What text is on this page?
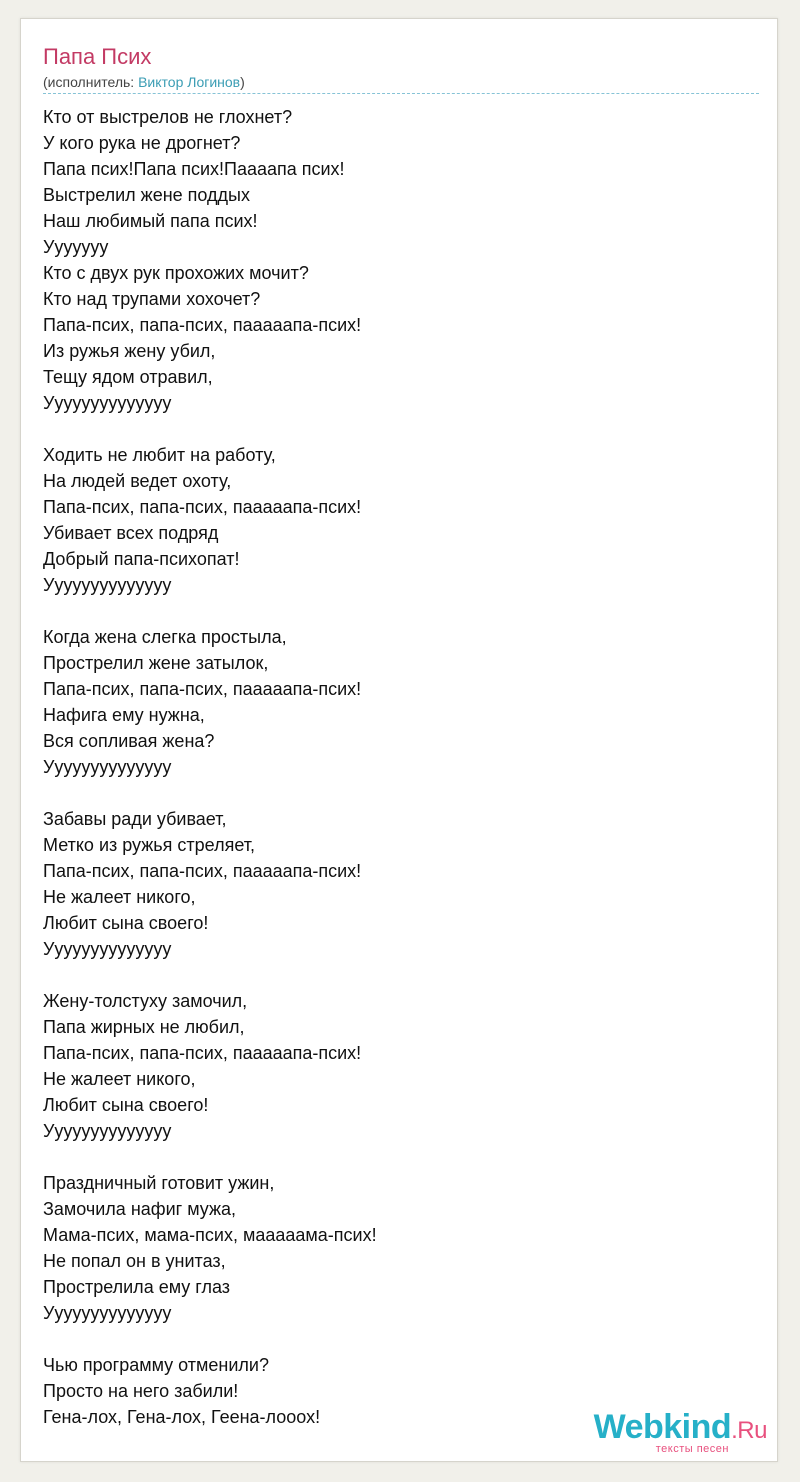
Папа Псих
(исполнитель: Виктор Логинов)
Кто от выстрелов не глохнет?
У кого рука не дрогнет?
Папа псих!Папа псих!Паааапа псих!
Выстрелил жене поддых
Наш любимый папа псих!
Ууууууу
Кто с двух рук прохожих мочит?
Кто над трупами хохочет?
Папа-псих, папа-псих, пааааапа-псих!
Из ружья жену убил,
Тещу ядом отравил,
Уууууууууууууу
Ходить не любит на работу,
На людей ведет охоту,
Папа-псих, папа-псих, пааааапа-псих!
Убивает всех подряд
Добрый папа-психопат!
Уууууууууууууу
Когда жена слегка простыла,
Прострелил жене затылок,
Папа-псих, папа-псих, пааааапа-псих!
Нафига ему нужна,
Вся сопливая жена?
Уууууууууууууу
Забавы ради убивает,
Метко из ружья стреляет,
Папа-псих, папа-псих, пааааапа-псих!
Не жалеет никого,
Любит сына своего!
Уууууууууууууу
Жену-толстуху замочил,
Папа жирных не любил,
Папа-псих, папа-псих, пааааапа-псих!
Не жалеет никого,
Любит сына своего!
Уууууууууууууу
Праздничный готовит ужин,
Замочила нафиг мужа,
Мама-псих, мама-псих, мааааама-псих!
Не попал он в унитаз,
Прострелила ему глаз
Уууууууууууууу
Чью программу отменили?
Просто на него забили!
Гена-лох, Гена-лох, Геена-лооох!	Webkind.Ru
тексты песен
